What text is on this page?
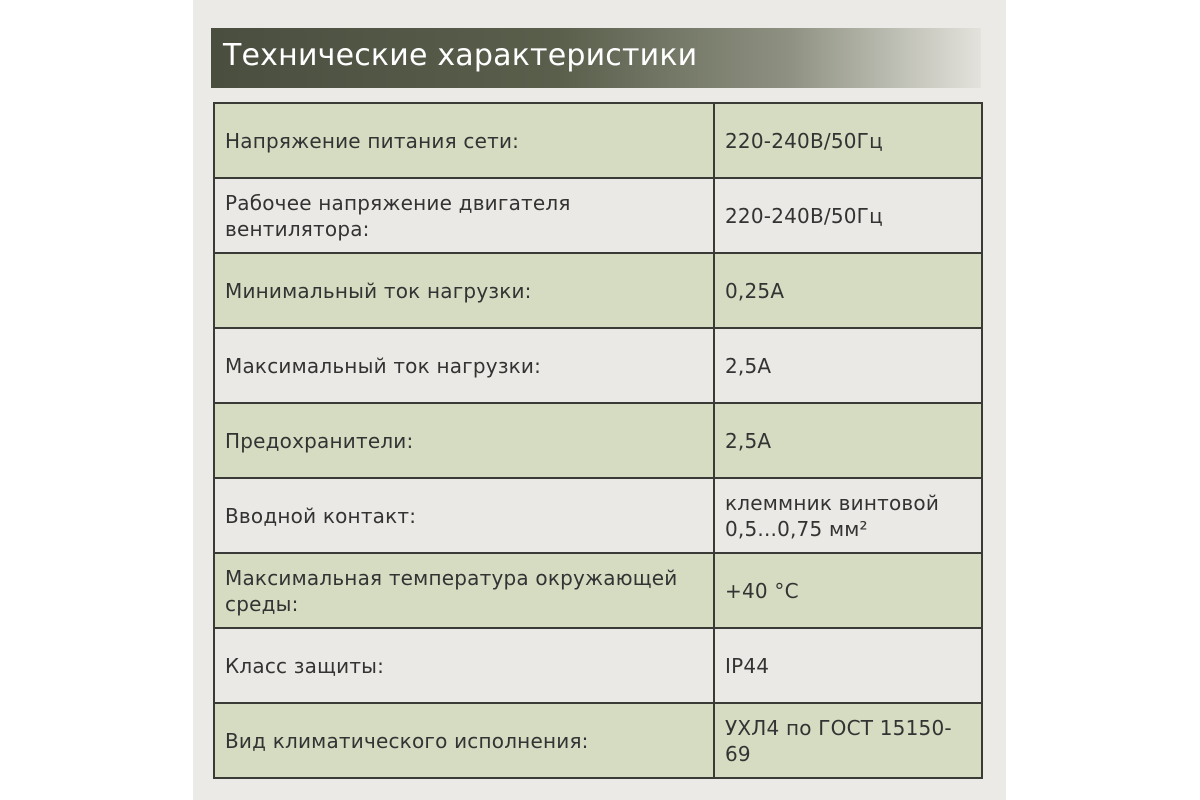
Технические характеристики
Напряжение питания сети:	220-240В/50Гц
Рабочее напряжение двигателя вентилятора:	220-240В/50Гц
Минимальный ток нагрузки:	0,25А
Максимальный ток нагрузки:	2,5А
Предохранители:	2,5А
Вводной контакт:	клеммник винтовой 0,5...0,75 мм²
Максимальная температура окружающей среды:	+40 °С
Класс защиты:	IP44
Вид климатического исполнения:	УХЛ4 по ГОСТ 15150-69
